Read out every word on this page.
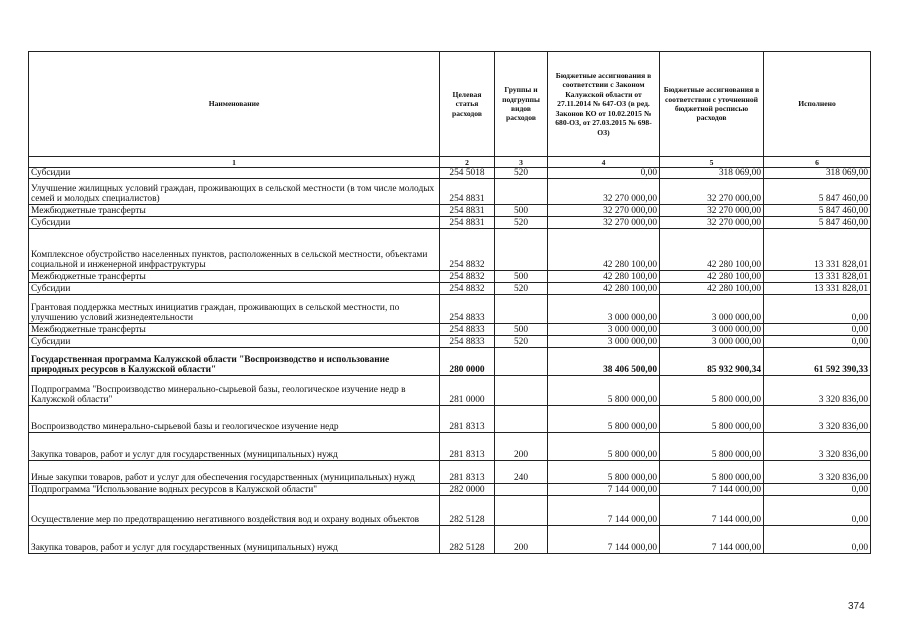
Наименование	Целевая статья расходов	Группы и подгруппы видов расходов	Бюджетные ассигнования в соответствии с Законом Калужской области от 27.11.2014 № 647-ОЗ (в ред. Законов КО от 10.02.2015 № 680-ОЗ, от 27.03.2015 № 698-ОЗ)	Бюджетные ассигнования в соответствии с уточненной бюджетной росписью расходов	Исполнено
1	2	3	4	5	6
Субсидии	254 5018	520	0,00	318 069,00	318 069,00
Улучшение жилищных условий граждан, проживающих в сельской местности (в том числе молодых семей и молодых специалистов)	254 8831		32 270 000,00	32 270 000,00	5 847 460,00
Межбюджетные трансферты	254 8831	500	32 270 000,00	32 270 000,00	5 847 460,00
Субсидии	254 8831	520	32 270 000,00	32 270 000,00	5 847 460,00
Комплексное обустройство населенных пунктов, расположенных в сельской местности, объектами социальной и инженерной инфраструктуры	254 8832		42 280 100,00	42 280 100,00	13 331 828,01
Межбюджетные трансферты	254 8832	500	42 280 100,00	42 280 100,00	13 331 828,01
Субсидии	254 8832	520	42 280 100,00	42 280 100,00	13 331 828,01
Грантовая поддержка местных инициатив граждан, проживающих в сельской местности, по улучшению условий жизнедеятельности	254 8833		3 000 000,00	3 000 000,00	0,00
Межбюджетные трансферты	254 8833	500	3 000 000,00	3 000 000,00	0,00
Субсидии	254 8833	520	3 000 000,00	3 000 000,00	0,00
Государственная программа Калужской области "Воспроизводство и использование природных ресурсов в Калужской области"	280 0000		38 406 500,00	85 932 900,34	61 592 390,33
Подпрограмма "Воспроизводство минерально-сырьевой базы, геологическое изучение недр в Калужской области"	281 0000		5 800 000,00	5 800 000,00	3 320 836,00
Воспроизводство минерально-сырьевой базы и геологическое изучение недр	281 8313		5 800 000,00	5 800 000,00	3 320 836,00
Закупка товаров, работ и услуг для государственных (муниципальных) нужд	281 8313	200	5 800 000,00	5 800 000,00	3 320 836,00
Иные закупки товаров, работ и услуг для обеспечения государственных (муниципальных) нужд	281 8313	240	5 800 000,00	5 800 000,00	3 320 836,00
Подпрограмма "Использование водных ресурсов в Калужской области"	282 0000		7 144 000,00	7 144 000,00	0,00
Осуществление мер по предотвращению негативного воздействия вод и охрану водных объектов	282 5128		7 144 000,00	7 144 000,00	0,00
Закупка товаров, работ и услуг для государственных (муниципальных) нужд	282 5128	200	7 144 000,00	7 144 000,00	0,00
374
